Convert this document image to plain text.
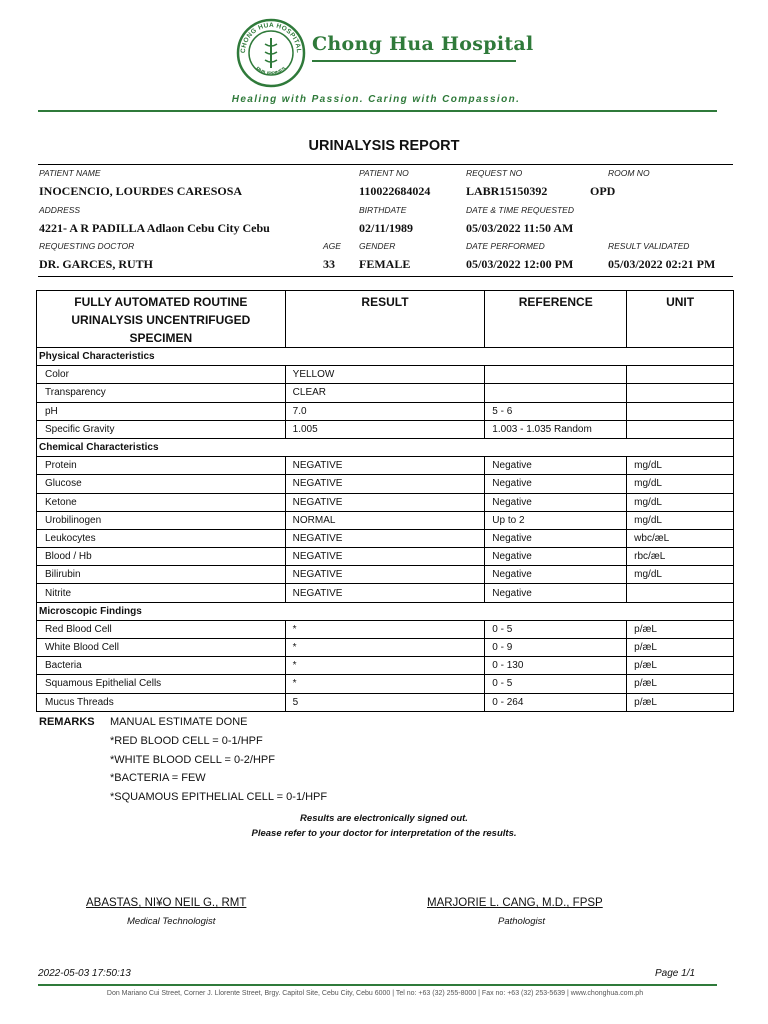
CHONG HUA HOSPITAL
PHILIPPINES
Chong Hua Hospital
Healing with Passion. Caring with Compassion.
URINALYSIS REPORT
PATIENT NAME
INOCENCIO, LOURDES CARESOSA
PATIENT NO
110022684024
REQUEST NO
LABR15150392
ROOM NO
OPD
ADDRESS
4221- A R PADILLA Adlaon Cebu City Cebu
BIRTHDATE
02/11/1989
DATE & TIME REQUESTED
05/03/2022 11:50 AM
REQUESTING DOCTOR
DR. GARCES, RUTH
AGE
33
GENDER
FEMALE
DATE PERFORMED
05/03/2022 12:00 PM
RESULT VALIDATED
05/03/2022 02:21 PM
FULLY AUTOMATED ROUTINE URINALYSIS UNCENTRIFUGED SPECIMEN	RESULT	REFERENCE	UNIT
Physical Characteristics			
Color	YELLOW		
Transparency	CLEAR		
pH	7.0	5 - 6	
Specific Gravity	1.005	1.003 - 1.035 Random	
Chemical Characteristics			
Protein	NEGATIVE	Negative	mg/dL
Glucose	NEGATIVE	Negative	mg/dL
Ketone	NEGATIVE	Negative	mg/dL
Urobilinogen	NORMAL	Up to 2	mg/dL
Leukocytes	NEGATIVE	Negative	wbc/æL
Blood / Hb	NEGATIVE	Negative	rbc/æL
Bilirubin	NEGATIVE	Negative	mg/dL
Nitrite	NEGATIVE	Negative	
Microscopic Findings			
Red Blood Cell	*	0 - 5	p/æL
White Blood Cell	*	0 - 9	p/æL
Bacteria	*	0 - 130	p/æL
Squamous Epithelial Cells	*	0 - 5	p/æL
Mucus Threads	5	0 - 264	p/æL
REMARKS MANUAL ESTIMATE DONE
*RED BLOOD CELL = 0-1/HPF
*WHITE BLOOD CELL = 0-2/HPF
*BACTERIA = FEW
*SQUAMOUS EPITHELIAL CELL = 0-1/HPF
Results are electronically signed out.
Please refer to your doctor for interpretation of the results.
ABASTAS, NI¥O NEIL G., RMT
Medical Technologist
MARJORIE L. CANG, M.D., FPSP
Pathologist
2022-05-03 17:50:13	Page 1/1
Don Mariano Cui Street, Corner J. Llorente Street, Brgy. Capitol Site, Cebu City, Cebu 6000 | Tel no: +63 (32) 255-8000 | Fax no: +63 (32) 253-5639 | www.chonghua.com.ph
